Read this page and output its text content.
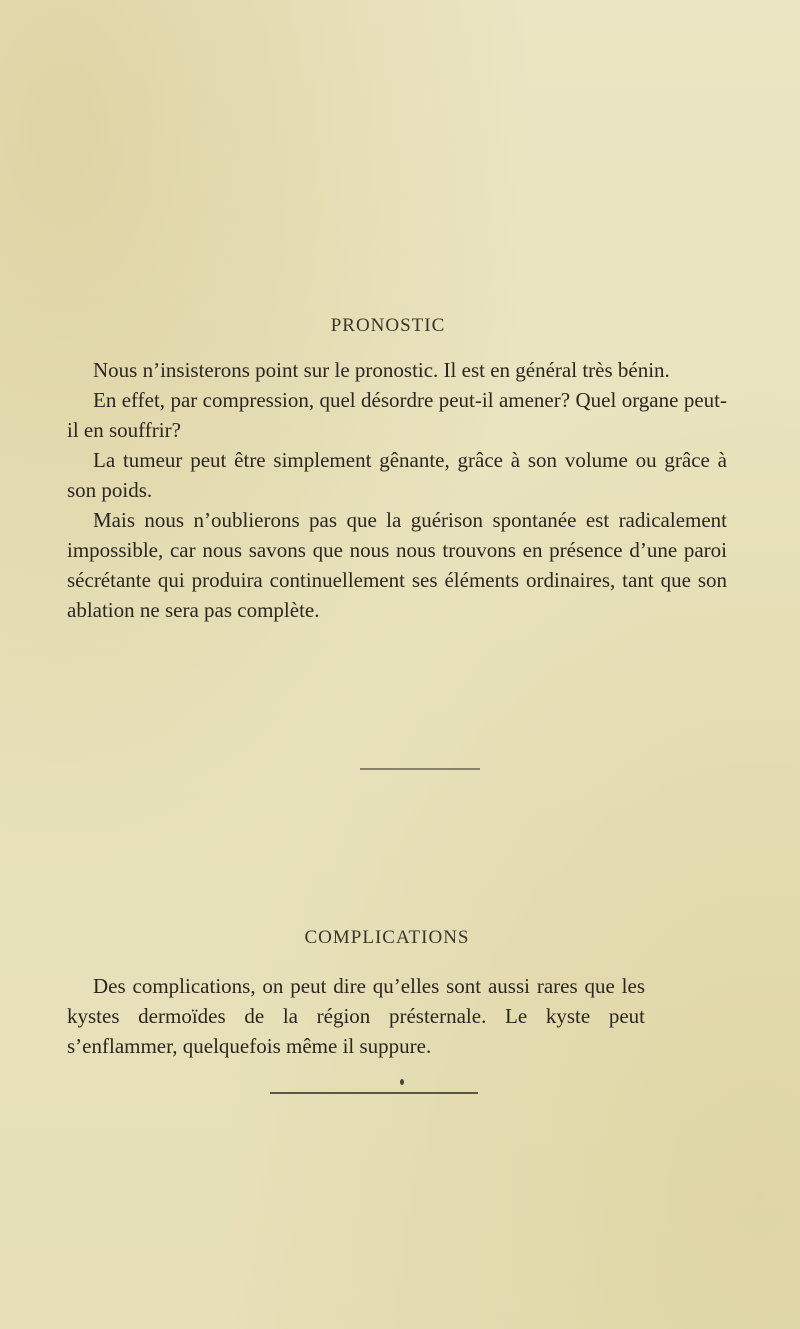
PRONOSTIC

Nous n’insisterons point sur le pronostic. Il est en général très bénin.

En effet, par compression, quel désordre peut-il amener? Quel organe peut-il en souffrir?

La tumeur peut être simplement gênante, grâce à son volume ou grâce à son poids.

Mais nous n’oublierons pas que la guérison spontanée est radicalement impossible, car nous savons que nous nous trouvons en présence d’une paroi sécrétante qui produira continuellement ses éléments ordinaires, tant que son ablation ne sera pas complète.

COMPLICATIONS

Des complications, on peut dire qu’elles sont aussi rares que les kystes dermoïdes de la région présternale. Le kyste peut s’enflammer, quelquefois même il suppure.
